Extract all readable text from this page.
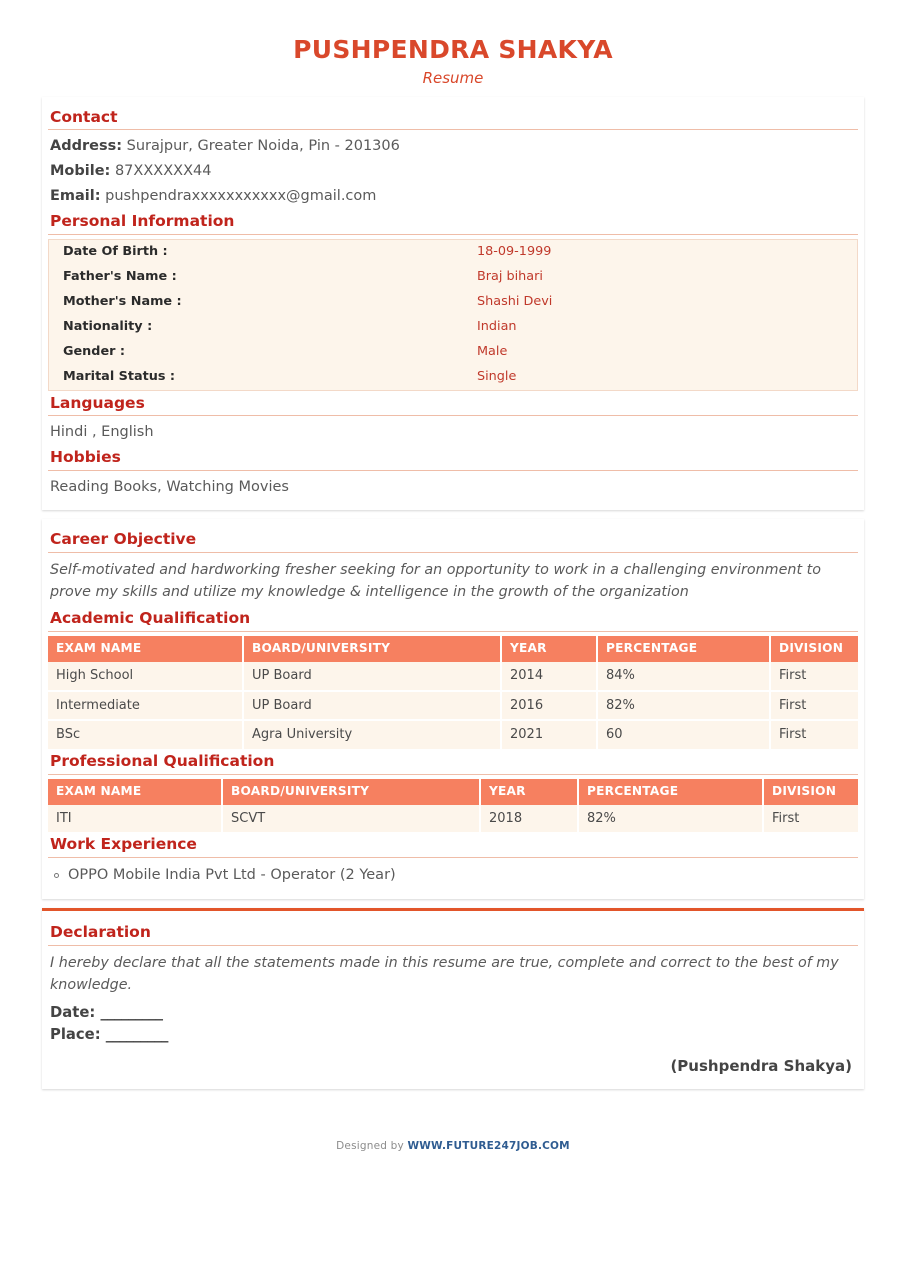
PUSHPENDRA SHAKYA
Resume
Contact
Address: Surajpur, Greater Noida, Pin - 201306
Mobile: 87XXXXXX44
Email: pushpendraxxxxxxxxxxx@gmail.com
Personal Information
Date Of Birth :	18-09-1999
Father's Name :	Braj bihari
Mother's Name :	Shashi Devi
Nationality :	Indian
Gender :	Male
Marital Status :	Single
Languages
Hindi , English
Hobbies
Reading Books, Watching Movies
Career Objective
Self-motivated and hardworking fresher seeking for an opportunity to work in a challenging environment to prove my skills and utilize my knowledge & intelligence in the growth of the organization
Academic Qualification
EXAM NAME	BOARD/UNIVERSITY	YEAR	PERCENTAGE	DIVISION
High School	UP Board	2014	84%	First
Intermediate	UP Board	2016	82%	First
BSc	Agra University	2021	60	First
Professional Qualification
EXAM NAME	BOARD/UNIVERSITY	YEAR	PERCENTAGE	DIVISION
ITI	SCVT	2018	82%	First
Work Experience
OPPO Mobile India Pvt Ltd - Operator (2 Year)
Declaration
I hereby declare that all the statements made in this resume are true, complete and correct to the best of my knowledge.
Date: _________
Place: _________
(Pushpendra Shakya)
Designed by WWW.FUTURE247JOB.COM
